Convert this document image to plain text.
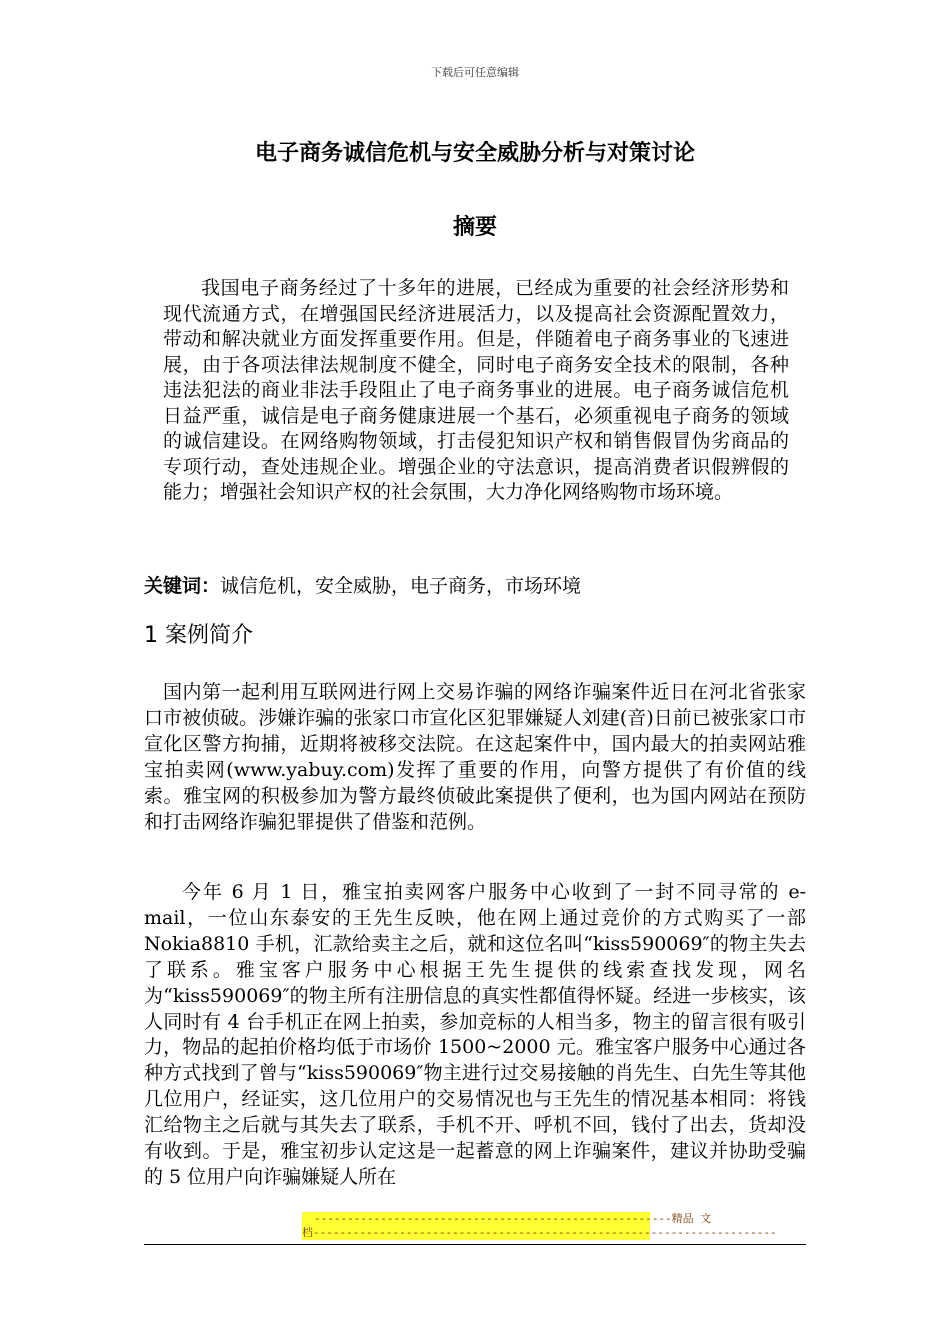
下载后可任意编辑
电子商务诚信危机与安全威胁分析与对策讨论
摘要

我国电子商务经过了十多年的进展，已经成为重要的社会经济形势和现代流通方式，在增强国民经济进展活力，以及提高社会资源配置效力，带动和解决就业方面发挥重要作用。但是，伴随着电子商务事业的飞速进展，由于各项法律法规制度不健全，同时电子商务安全技术的限制，各种违法犯法的商业非法手段阻止了电子商务事业的进展。电子商务诚信危机日益严重，诚信是电子商务健康进展一个基石，必须重视电子商务的领域的诚信建设。在网络购物领域，打击侵犯知识产权和销售假冒伪劣商品的专项行动，查处违规企业。增强企业的守法意识，提高消费者识假辨假的能力；增强社会知识产权的社会氛围，大力净化网络购物市场环境。

关键词：诚信危机，安全威胁，电子商务，市场环境

1 案例简介

国内第一起利用互联网进行网上交易诈骗的网络诈骗案件近日在河北省张家口市被侦破。涉嫌诈骗的张家口市宣化区犯罪嫌疑人刘建(音)日前已被张家口市宣化区警方拘捕，近期将被移交法院。在这起案件中，国内最大的拍卖网站雅宝拍卖网(www.yabuy.com)发挥了重要的作用，向警方提供了有价值的线索。雅宝网的积极参加为警方最终侦破此案提供了便利，也为国内网站在预防和打击网络诈骗犯罪提供了借鉴和范例。

今年 6 月 1 日，雅宝拍卖网客户服务中心收到了一封不同寻常的 e-mail，一位山东泰安的王先生反映，他在网上通过竞价的方式购买了一部 Nokia8810 手机，汇款给卖主之后，就和这位名叫“kiss590069″的物主失去了联系。雅宝客户服务中心根据王先生提供的线索查找发现，网名为“kiss590069″的物主所有注册信息的真实性都值得怀疑。经进一步核实，该人同时有 4 台手机正在网上拍卖，参加竞标的人相当多，物主的留言很有吸引力，物品的起拍价格均低于市场价 1500~2000 元。雅宝客户服务中心通过各种方式找到了曾与“kiss590069″物主进行过交易接触的肖先生、白先生等其他几位用户，经证实，这几位用户的交易情况也与王先生的情况基本相同：将钱汇给物主之后就与其失去了联系，手机不开、呼机不回，钱付了出去，货却没有收到。于是，雅宝初步认定这是一起蓄意的网上诈骗案件，建议并协助受骗的 5 位用户向诈骗嫌疑人所在

------------------------------------------------------精品 文
档----------------------------------------------------------------------
